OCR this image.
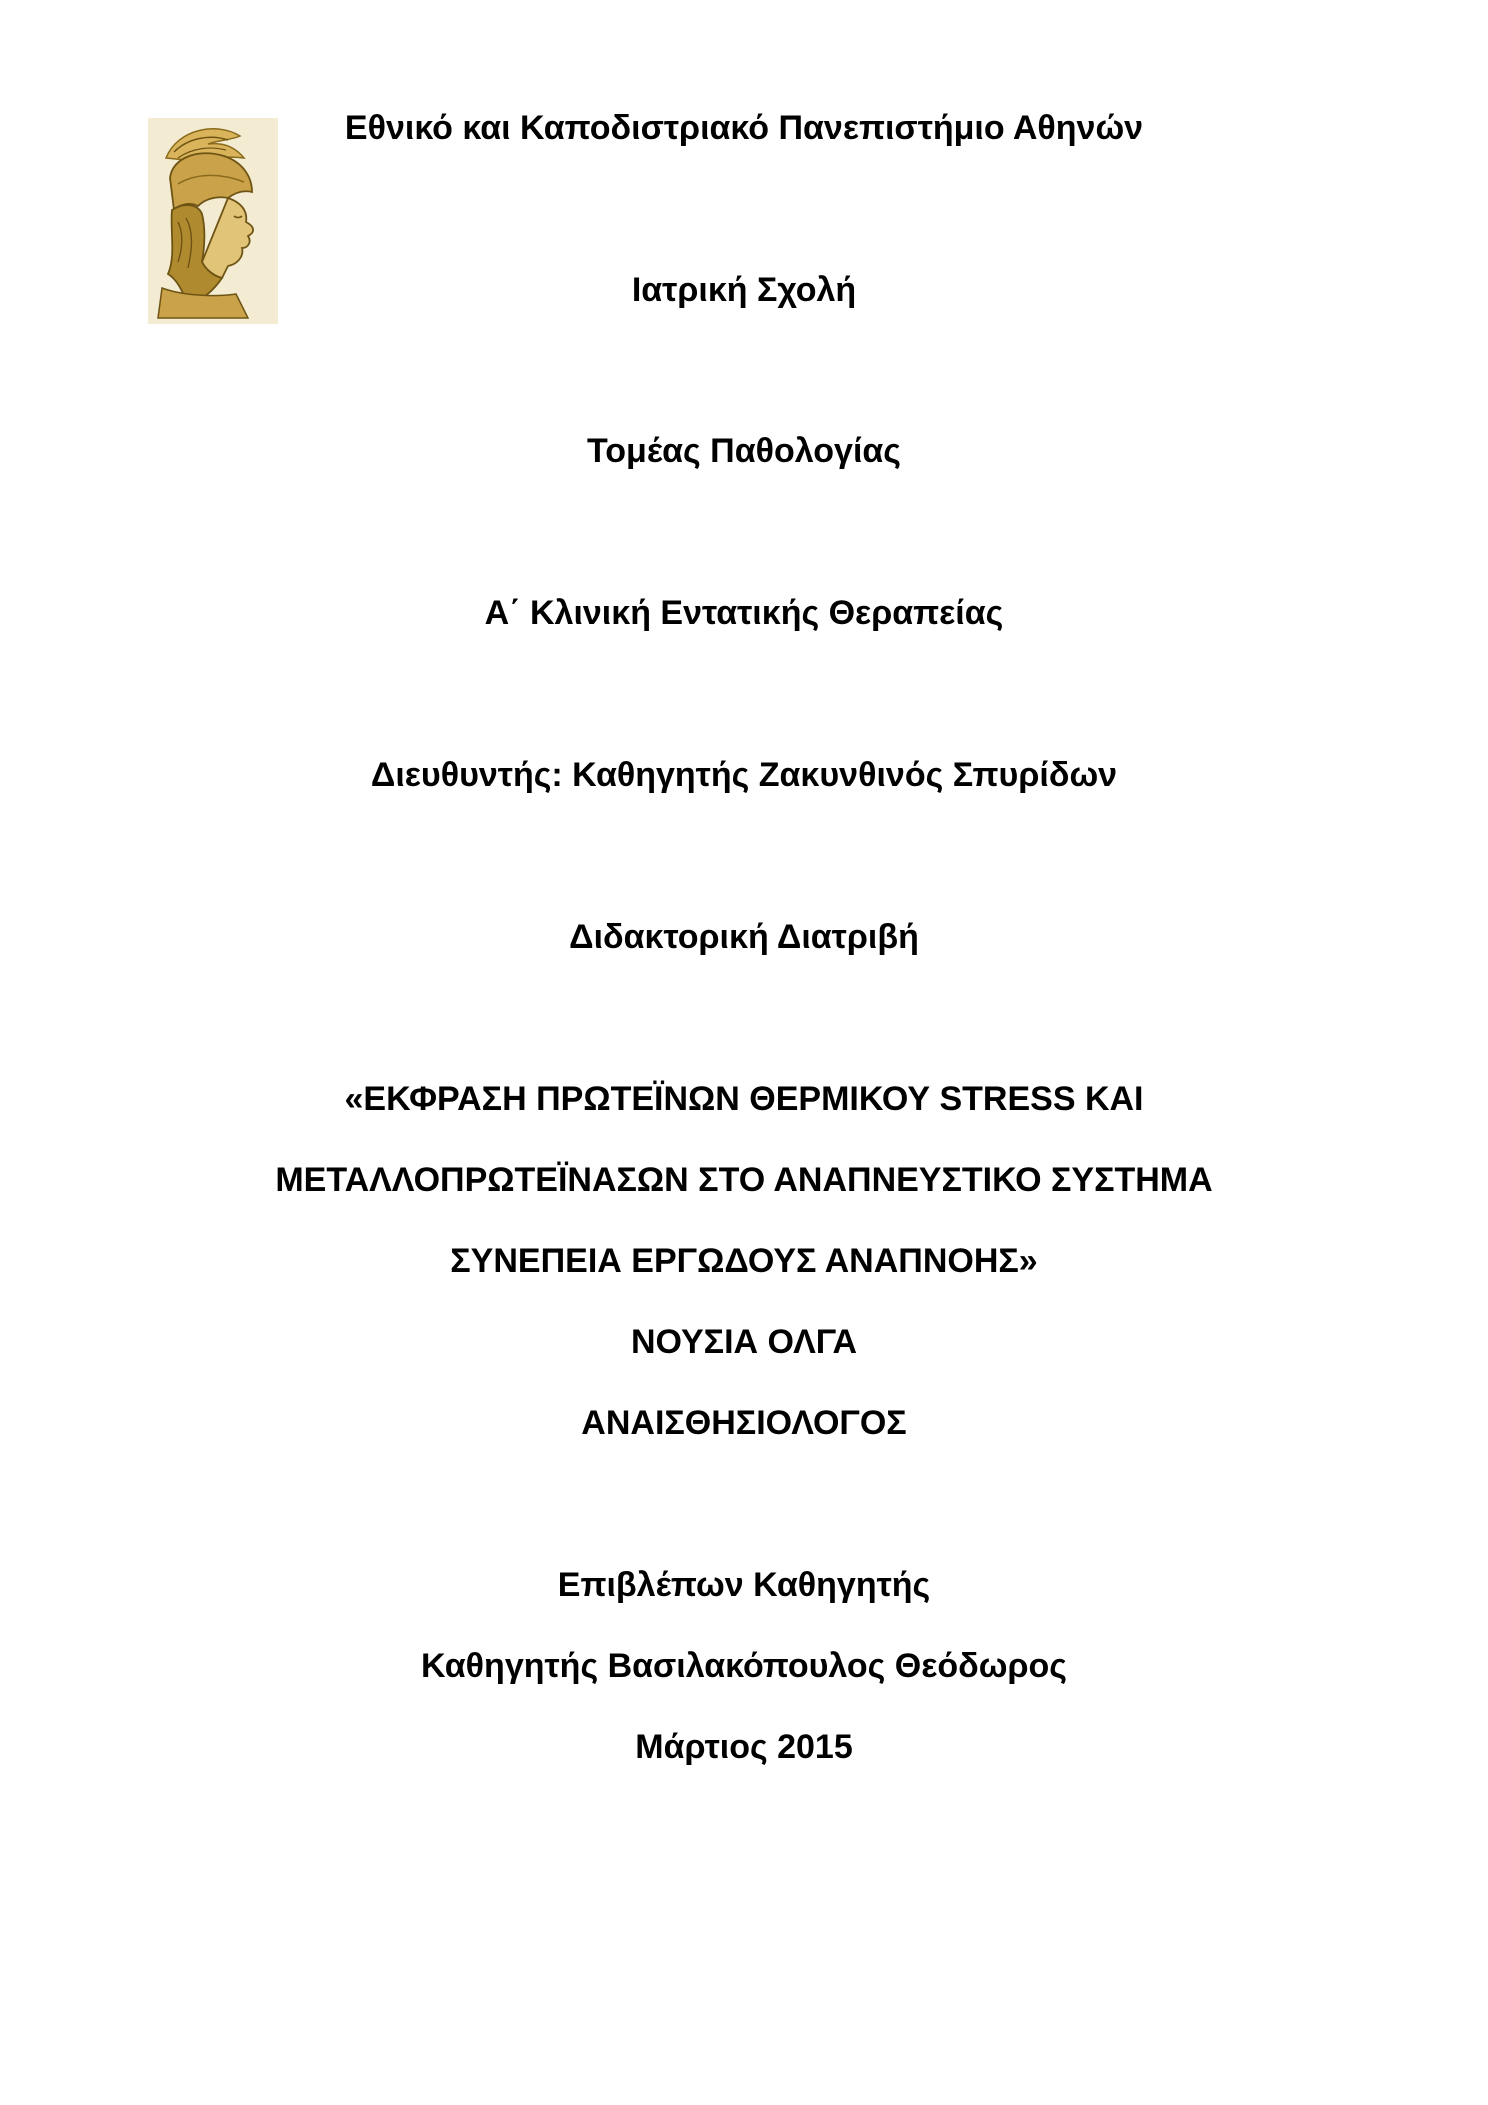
Εθνικό και Καποδιστριακό Πανεπιστήμιο Αθηνών
Ιατρική Σχολή
Τομέας Παθολογίας
Α΄ Κλινική Εντατικής Θεραπείας
Διευθυντής: Καθηγητής Ζακυνθινός Σπυρίδων
Διδακτορική Διατριβή
«ΕΚΦΡΑΣΗ ΠΡΩΤΕΪΝΩΝ ΘΕΡΜΙΚΟΥ STRESS ΚΑΙ
ΜΕΤΑΛΛΟΠΡΩΤΕΪΝΑΣΩΝ ΣΤΟ ΑΝΑΠΝΕΥΣΤΙΚΟ ΣΥΣΤΗΜΑ
ΣΥΝΕΠΕΙΑ ΕΡΓΩΔΟΥΣ ΑΝΑΠΝΟΗΣ»
ΝΟΥΣΙΑ ΟΛΓΑ
ΑΝΑΙΣΘΗΣΙΟΛΟΓΟΣ
Επιβλέπων Καθηγητής
Καθηγητής Βασιλακόπουλος Θεόδωρος
Μάρτιος 2015
